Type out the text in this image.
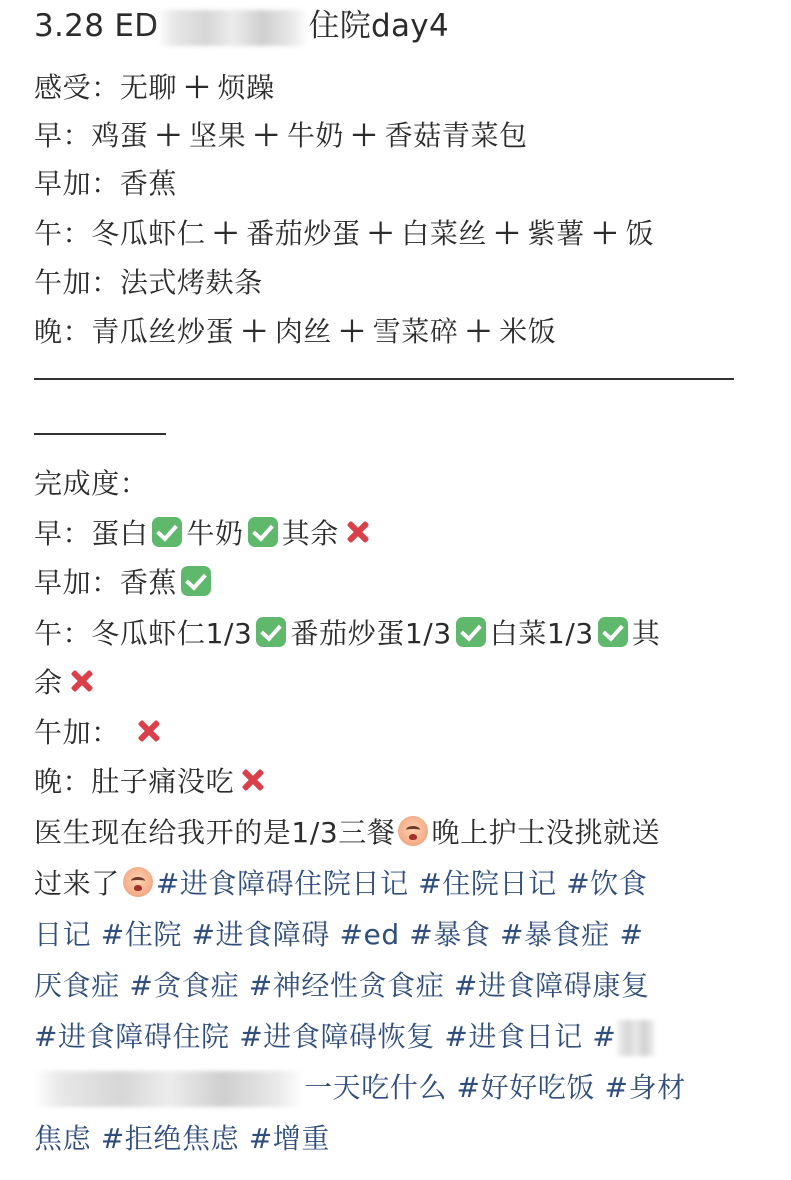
3.28 ED	住院day4
感受：无聊 ＋ 烦躁
早：鸡蛋 ＋ 坚果 ＋ 牛奶 ＋ 香菇青菜包
早加：香蕉
午：冬瓜虾仁 ＋ 番茄炒蛋 ＋ 白菜丝 ＋ 紫薯 ＋ 饭
午加：法式烤麸条
晚：青瓜丝炒蛋 ＋ 肉丝 ＋ 雪菜碎 ＋ 米饭
完成度：
早：蛋白 牛奶 其余
早加：香蕉
午：冬瓜虾仁1/3 番茄炒蛋1/3 白菜1/3 其
余
午加：
晚：肚子痛没吃
医生现在给我开的是1/3三餐 晚上护士没挑就送
过来了 #进食障碍住院日记 #住院日记 #饮食
日记 #住院 #进食障碍 #ed #暴食 #暴食症 #
厌食症 #贪食症 #神经性贪食症 #进食障碍康复
#进食障碍住院 #进食障碍恢复 #进食日记 #
一天吃什么 #好好吃饭 #身材
焦虑 #拒绝焦虑 #增重
